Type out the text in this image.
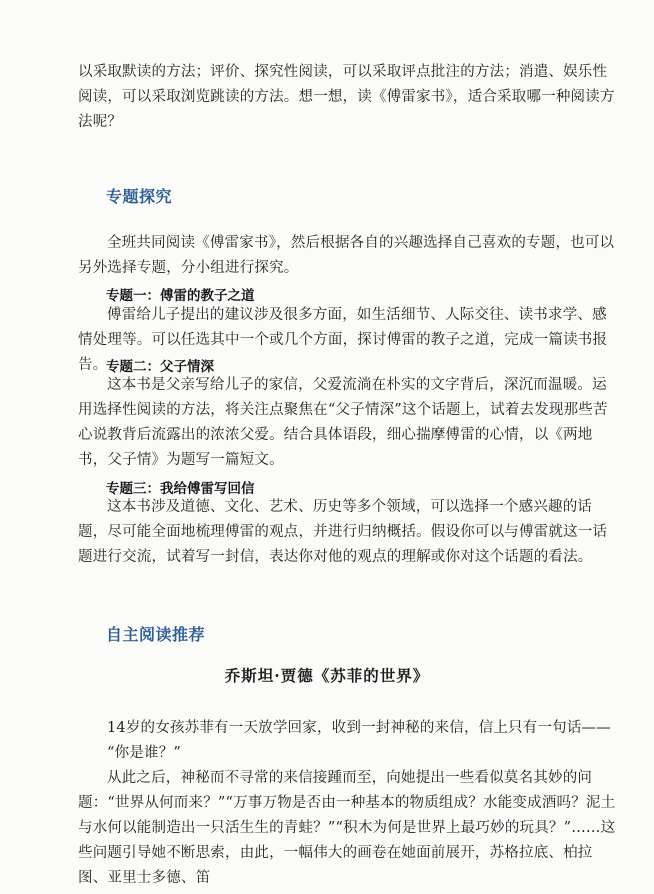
以采取默读的方法；评价、探究性阅读，可以采取评点批注的方法；消遣、娱乐性阅读，可以采取浏览跳读的方法。想一想，读《傅雷家书》，适合采取哪一种阅读方法呢？

专题探究

全班共同阅读《傅雷家书》，然后根据各自的兴趣选择自己喜欢的专题，也可以另外选择专题，分小组进行探究。

专题一：傅雷的教子之道

傅雷给儿子提出的建议涉及很多方面，如生活细节、人际交往、读书求学、感情处理等。可以任选其中一个或几个方面，探讨傅雷的教子之道，完成一篇读书报告。

专题二：父子情深

这本书是父亲写给儿子的家信，父爱流淌在朴实的文字背后，深沉而温暖。运用选择性阅读的方法，将关注点聚焦在“父子情深”这个话题上，试着去发现那些苦心说教背后流露出的浓浓父爱。结合具体语段，细心揣摩傅雷的心情，以《两地书，父子情》为题写一篇短文。

专题三：我给傅雷写回信

这本书涉及道德、文化、艺术、历史等多个领域，可以选择一个感兴趣的话题，尽可能全面地梳理傅雷的观点，并进行归纳概括。假设你可以与傅雷就这一话题进行交流，试着写一封信，表达你对他的观点的理解或你对这个话题的看法。

自主阅读推荐
乔斯坦·贾德《苏菲的世界》

14岁的女孩苏菲有一天放学回家，收到一封神秘的来信，信上只有一句话——

“你是谁？”

从此之后，神秘而不寻常的来信接踵而至，向她提出一些看似莫名其妙的问题：“世界从何而来？”“万事万物是否由一种基本的物质组成？水能变成酒吗？泥土与水何以能制造出一只活生生的青蛙？”“积木为何是世界上最巧妙的玩具？”……这些问题引导她不断思索，由此，一幅伟大的画卷在她面前展开，苏格拉底、柏拉图、亚里士多德、笛
